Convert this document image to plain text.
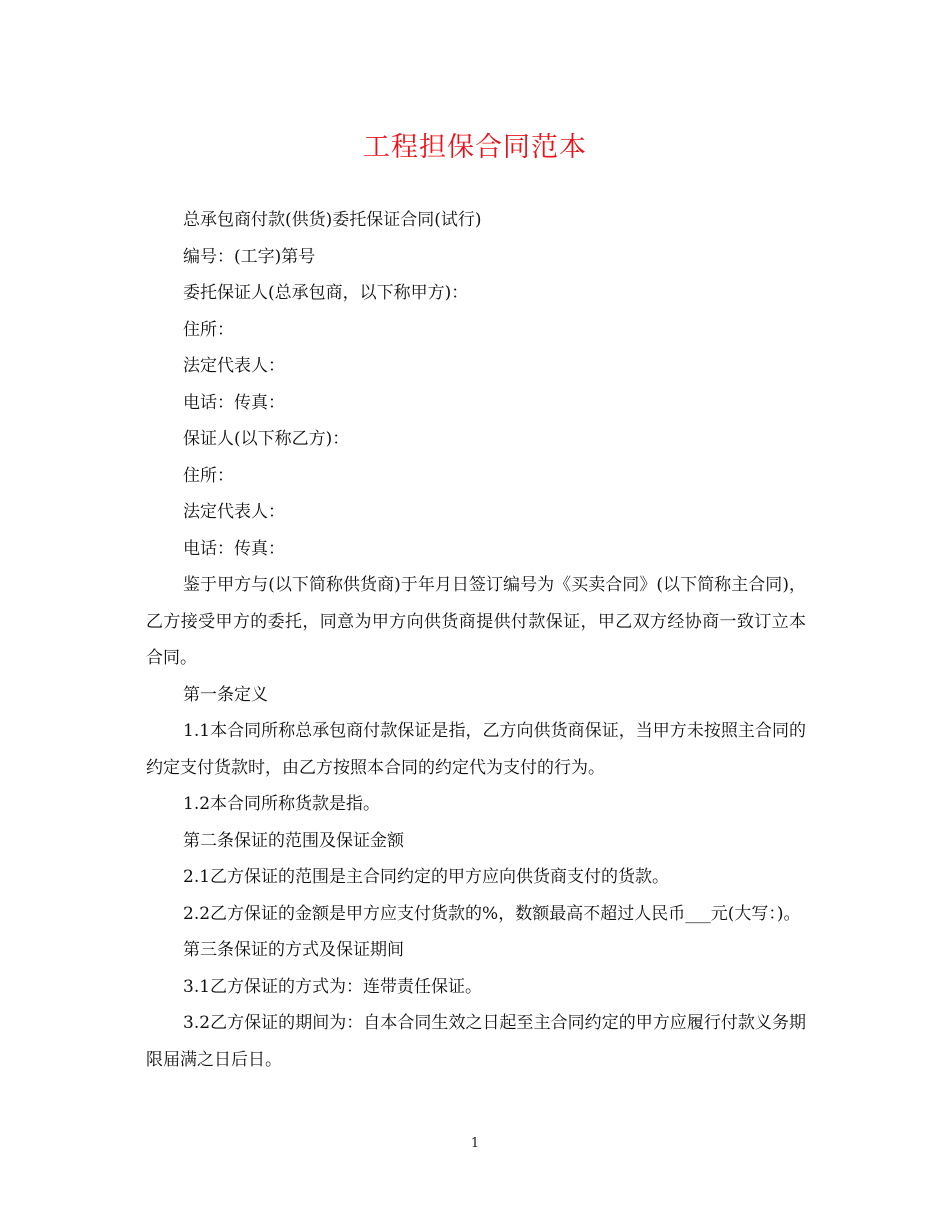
工程担保合同范本

总承包商付款(供货)委托保证合同(试行)

编号：(工字)第号

委托保证人(总承包商，以下称甲方)：

住所：

法定代表人：

电话：传真：

保证人(以下称乙方)：

住所：

法定代表人：

电话：传真：

鉴于甲方与(以下简称供货商)于年月日签订编号为《买卖合同》(以下简称主合同)，乙方接受甲方的委托，同意为甲方向供货商提供付款保证，甲乙双方经协商一致订立本合同。

第一条定义

1.1本合同所称总承包商付款保证是指，乙方向供货商保证，当甲方未按照主合同的约定支付货款时，由乙方按照本合同的约定代为支付的行为。

1.2本合同所称货款是指。

第二条保证的范围及保证金额

2.1乙方保证的范围是主合同约定的甲方应向供货商支付的货款。

2.2乙方保证的金额是甲方应支付货款的%，数额最高不超过人民币___元(大写：)。

第三条保证的方式及保证期间

3.1乙方保证的方式为：连带责任保证。

3.2乙方保证的期间为：自本合同生效之日起至主合同约定的甲方应履行付款义务期限届满之日后日。

1
